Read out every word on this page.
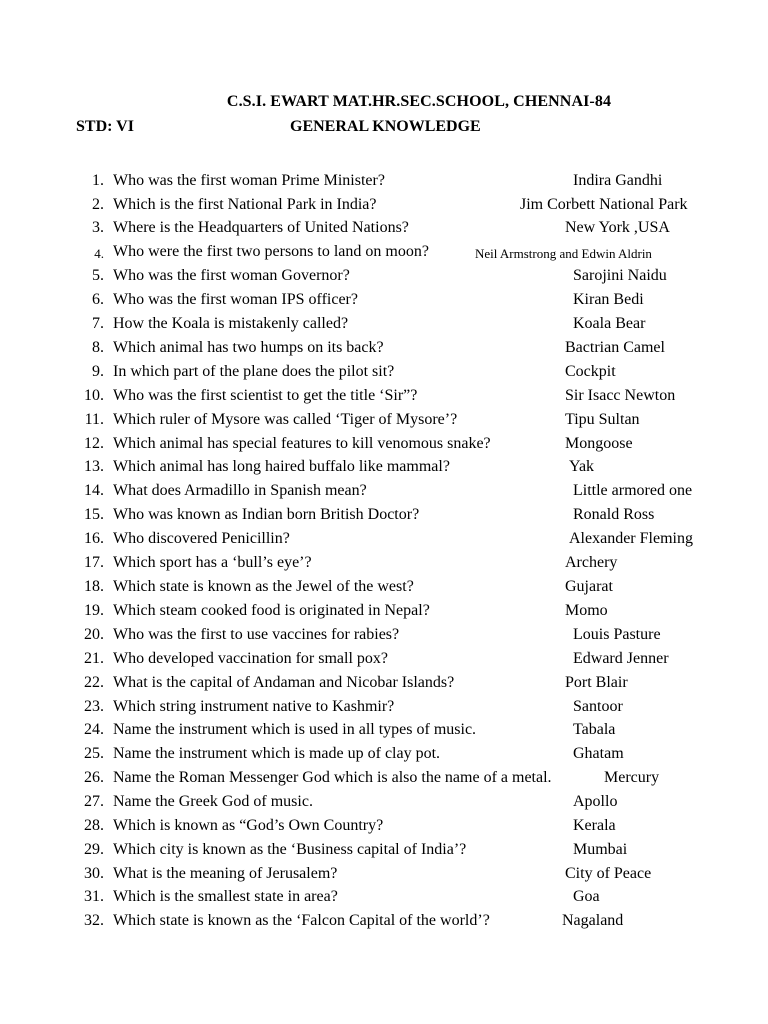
C.S.I. EWART MAT.HR.SEC.SCHOOL, CHENNAI-84
STD: VI	GENERAL KNOWLEDGE
1. Who was the first woman Prime Minister?	Indira Gandhi
2. Which is the first National Park in India?	Jim Corbett National Park
3. Where is the Headquarters of United Nations?	New York ,USA
4. Who were the first two persons to land on moon?	Neil Armstrong and Edwin Aldrin
5. Who was the first woman Governor?	Sarojini Naidu
6. Who was the first woman IPS officer?	Kiran Bedi
7. How the Koala is mistakenly called?	Koala Bear
8. Which animal has two humps on its back?	Bactrian Camel
9. In which part of the plane does the pilot sit?	Cockpit
10. Who was the first scientist to get the title ‘Sir”?	Sir Isacc Newton
11. Which ruler of Mysore was called ‘Tiger of Mysore’?	Tipu Sultan
12. Which animal has special features to kill venomous snake?	Mongoose
13. Which animal has long haired buffalo like mammal?	Yak
14. What does Armadillo in Spanish mean?	Little armored one
15. Who was known as Indian born British Doctor?	Ronald Ross
16. Who discovered Penicillin?	Alexander Fleming
17. Which sport has a ‘bull’s eye’?	Archery
18. Which state is known as the Jewel of the west?	Gujarat
19. Which steam cooked food is originated in Nepal?	Momo
20. Who was the first to use vaccines for rabies?	Louis Pasture
21. Who developed vaccination for small pox?	Edward Jenner
22. What is the capital of Andaman and Nicobar Islands?	Port Blair
23. Which string instrument native to Kashmir?	Santoor
24. Name the instrument which is used in all types of music.	Tabala
25. Name the instrument which is made up of clay pot.	Ghatam
26. Name the Roman Messenger God which is also the name of a metal.	Mercury
27. Name the Greek God of music.	Apollo
28. Which is known as “God’s Own Country?	Kerala
29. Which city is known as the ‘Business capital of India’?	Mumbai
30. What is the meaning of Jerusalem?	City of Peace
31. Which is the smallest state in area?	Goa
32. Which state is known as the ‘Falcon Capital of the world’?	Nagaland
